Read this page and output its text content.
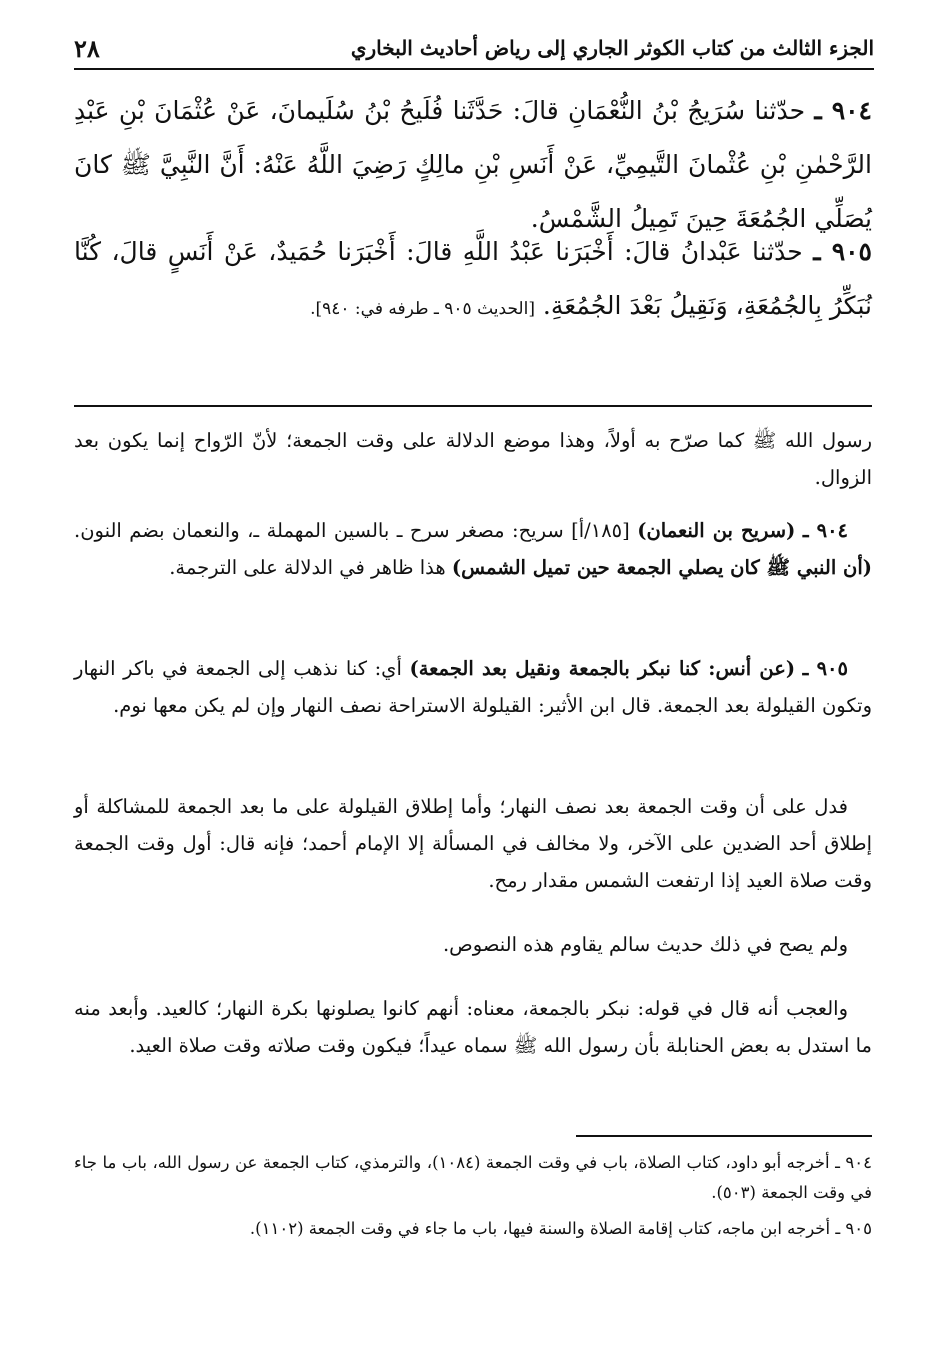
الجزء الثالث من كتاب الكوثر الجاري إلى رياض أحاديث البخاري
٢٨
٩٠٤ ـ حدّثنا سُرَيجُ بْنُ النُّعْمَانِ قالَ: حَدَّثَنا فُلَيحُ بْنُ سُلَيمانَ، عَنْ عُثْمَانَ بْنِ عَبْدِ الرَّحْمٰنِ بْنِ عُثْمانَ التَّيمِيِّ، عَنْ أَنَسِ بْنِ مالِكٍ رَضِيَ اللَّهُ عَنْهُ: أَنَّ النَّبِيَّ ﷺ كانَ يُصَلِّي الجُمُعَةَ حِينَ تَمِيلُ الشَّمْسُ.
٩٠٥ ـ حدّثنا عَبْدانُ قالَ: أَخْبَرَنا عَبْدُ اللَّهِ قالَ: أَخْبَرَنا حُمَيدٌ، عَنْ أَنَسٍ قالَ، كُنَّا نُبَكِّرُ بِالجُمُعَةِ، وَنَقِيلُ بَعْدَ الجُمُعَةِ. [الحديث ٩٠٥ ـ طرفه في: ٩٤٠].

رسول الله ﷺ كما صرّح به أولاً، وهذا موضع الدلالة على وقت الجمعة؛ لأنّ الرّواح إنما يكون بعد الزوال.

٩٠٤ ـ (سريح بن النعمان) [١٨٥/أ] سريح: مصغر سرح ـ بالسين المهملة ـ، والنعمان بضم النون. (أن النبي ﷺ كان يصلي الجمعة حين تميل الشمس) هذا ظاهر في الدلالة على الترجمة.

٩٠٥ ـ (عن أنس: كنا نبكر بالجمعة ونقيل بعد الجمعة) أي: كنا نذهب إلى الجمعة في باكر النهار وتكون القيلولة بعد الجمعة. قال ابن الأثير: القيلولة الاستراحة نصف النهار وإن لم يكن معها نوم.

فدل على أن وقت الجمعة بعد نصف النهار؛ وأما إطلاق القيلولة على ما بعد الجمعة للمشاكلة أو إطلاق أحد الضدين على الآخر، ولا مخالف في المسألة إلا الإمام أحمد؛ فإنه قال: أول وقت الجمعة وقت صلاة العيد إذا ارتفعت الشمس مقدار رمح.

ولم يصح في ذلك حديث سالم يقاوم هذه النصوص.

والعجب أنه قال في قوله: نبكر بالجمعة، معناه: أنهم كانوا يصلونها بكرة النهار؛ كالعيد. وأبعد منه ما استدل به بعض الحنابلة بأن رسول الله ﷺ سماه عيداً؛ فيكون وقت صلاته وقت صلاة العيد.

٩٠٤ ـ أخرجه أبو داود، كتاب الصلاة، باب في وقت الجمعة (١٠٨٤)، والترمذي، كتاب الجمعة عن رسول الله، باب ما جاء في وقت الجمعة (٥٠٣).

٩٠٥ ـ أخرجه ابن ماجه، كتاب إقامة الصلاة والسنة فيها، باب ما جاء في وقت الجمعة (١١٠٢).
